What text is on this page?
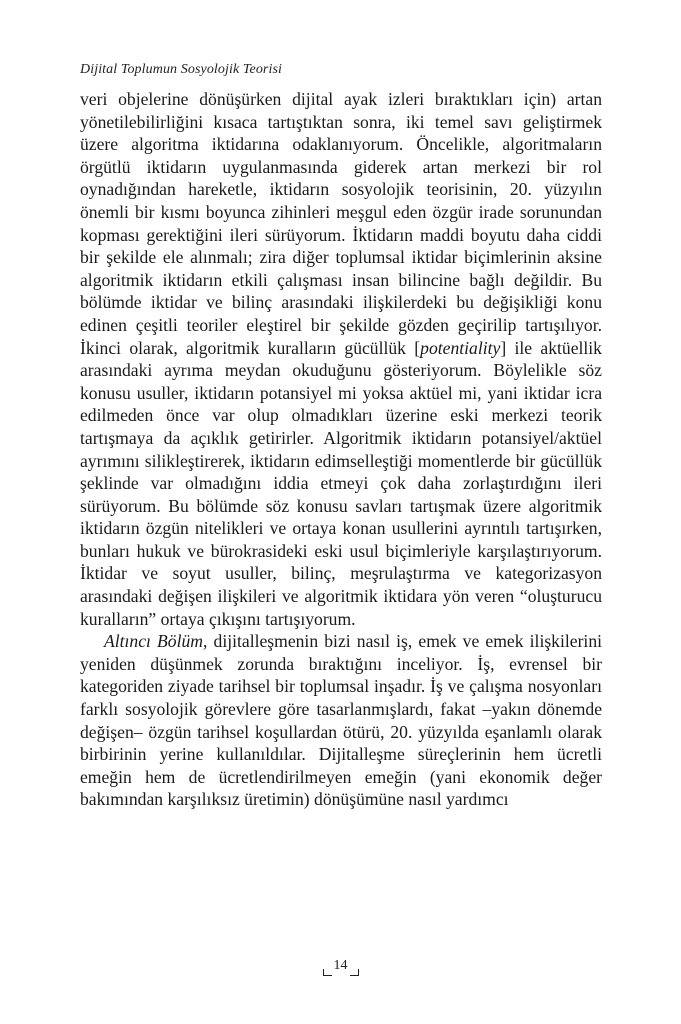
Dijital Toplumun Sosyolojik Teorisi

veri objelerine dönüşürken dijital ayak izleri bıraktıkları için) artan yönetilebilirliğini kısaca tartıştıktan sonra, iki temel savı geliştirmek üzere algoritma iktidarına odaklanıyorum. Öncelikle, algoritmaların örgütlü iktidarın uygulanmasında giderek artan merkezi bir rol oynadığından hareketle, iktidarın sosyolojik teorisinin, 20. yüzyılın önemli bir kısmı boyunca zihinleri meşgul eden özgür irade sorunundan kopması gerektiğini ileri sürüyorum. İktidarın maddi boyutu daha ciddi bir şekilde ele alınmalı; zira diğer toplumsal iktidar biçimlerinin aksine algoritmik iktidarın etkili çalışması insan bilincine bağlı değildir. Bu bölümde iktidar ve bilinç arasındaki ilişkilerdeki bu değişikliği konu edinen çeşitli teoriler eleştirel bir şekilde gözden geçirilip tartışılıyor. İkinci olarak, algoritmik kuralların gücüllük [potentiality] ile aktüellik arasındaki ayrıma meydan okuduğunu gösteriyorum. Böylelikle söz konusu usuller, iktidarın potansiyel mi yoksa aktüel mi, yani iktidar icra edilmeden önce var olup olmadıkları üzerine eski merkezi teorik tartışmaya da açıklık getirirler. Algoritmik iktidarın potansiyel/aktüel ayrımını silikleştirerek, iktidarın edimselleştiği momentlerde bir gücüllük şeklinde var olmadığını iddia etmeyi çok daha zorlaştırdığını ileri sürüyorum. Bu bölümde söz konusu savları tartışmak üzere algoritmik iktidarın özgün nitelikleri ve ortaya konan usullerini ayrıntılı tartışırken, bunları hukuk ve bürokrasideki eski usul biçimleriyle karşılaştırıyorum. İktidar ve soyut usuller, bilinç, meşrulaştırma ve kategorizasyon arasındaki değişen ilişkileri ve algoritmik iktidara yön veren “oluşturucu kuralların” ortaya çıkışını tartışıyorum.

Altıncı Bölüm, dijitalleşmenin bizi nasıl iş, emek ve emek ilişkilerini yeniden düşünmek zorunda bıraktığını inceliyor. İş, evrensel bir kategoriden ziyade tarihsel bir toplumsal inşadır. İş ve çalışma nosyonları farklı sosyolojik görevlere göre tasarlanmışlardı, fakat –yakın dönemde değişen– özgün tarihsel koşullardan ötürü, 20. yüzyılda eşanlamlı olarak birbirinin yerine kullanıldılar. Dijitalleşme süreçlerinin hem ücretli emeğin hem de ücretlendirilmeyen emeğin (yani ekonomik değer bakımından karşılıksız üretimin) dönüşümüne nasıl yardımcı

14
